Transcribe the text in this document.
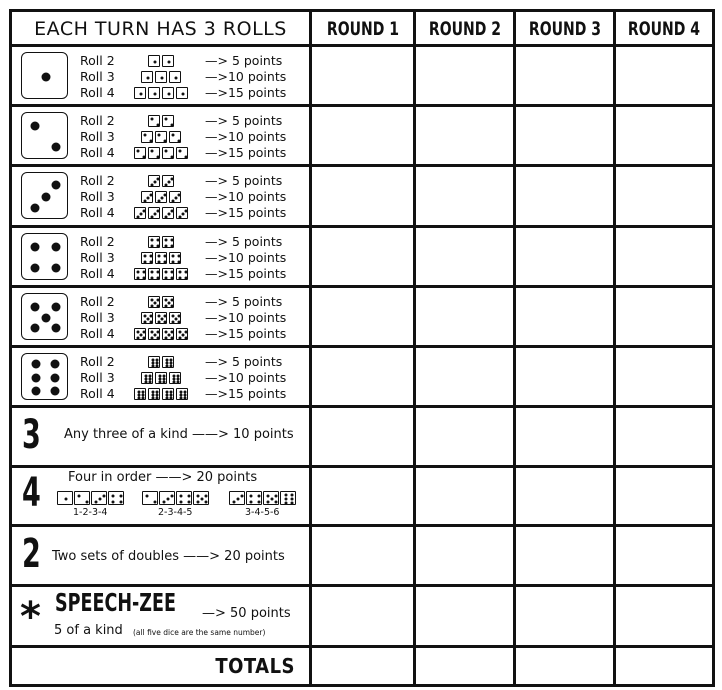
EACH TURN HAS 3 ROLLS	ROUND 1 ROUND 2 ROUND 3 ROUND 4
Roll 2	—> 5 points
Roll 3	—>10 points
Roll 4	—>15 points
Roll 2	—> 5 points
Roll 3	—>10 points
Roll 4	—>15 points
Roll 2	—> 5 points
Roll 3	—>10 points
Roll 4	—>15 points
Roll 2	—> 5 points
Roll 3	—>10 points
Roll 4	—>15 points
Roll 2	—> 5 points
Roll 3	—>10 points
Roll 4	—>15 points
Roll 2	—> 5 points
Roll 3	—>10 points
Roll 4	—>15 points
3 Any three of a kind ——> 10 points
4 Four in order ——> 20 points
1-2-3-4	2-3-4-5	3-4-5-6
2 Two sets of doubles ——> 20 points
* SPEECH-ZEE —> 50 points
5 of a kind (all five dice are the same number)
TOTALS
